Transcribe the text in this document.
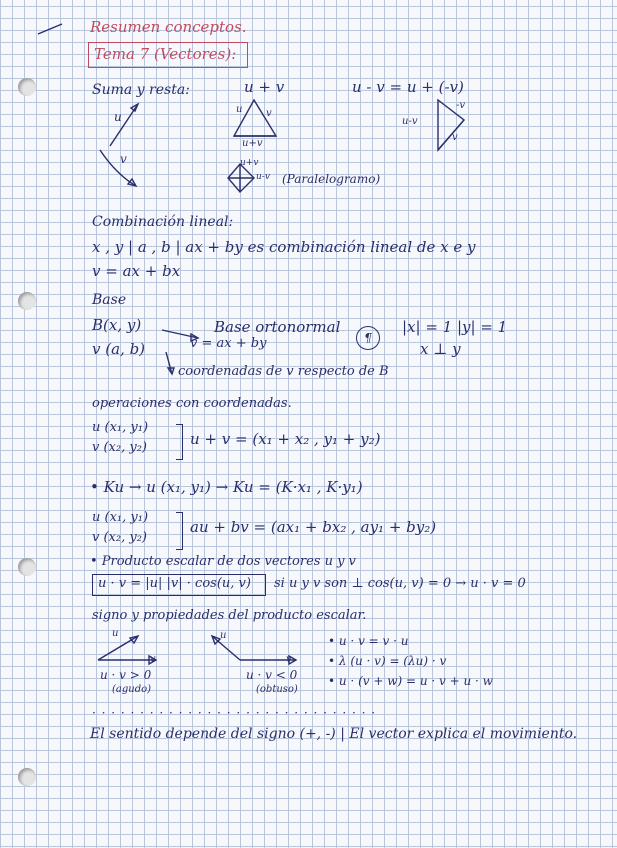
Resumen conceptos.
Tema 7 (Vectores):
Suma y resta:	u + v	u - v = u + (-v)
u
v
u v
u+v
-v
u-v
v
u+v
u-v (Paralelogramo)
Combinación lineal:
x , y | a , b | ax + by es combinación lineal de x e y
v = ax + bx
Base
B(x, y)
v (a, b)
Base ortonormal
v = ax + by	¶
|x| = 1 |y| = 1
x ⊥ y
coordenadas de v respecto de B
operaciones con coordenadas.
u (x₁, y₁)
v (x₂, y₂)	u + v = (x₁ + x₂ , y₁ + y₂)
• Ku → u (x₁, y₁) → Ku = (K·x₁ , K·y₁)
u (x₁, y₁)
v (x₂, y₂)
au + bv = (ax₁ + bx₂ , ay₁ + by₂)
• Producto escalar de dos vectores u y v
u · v = |u| |v| · cos(u, v) si u y v son ⊥ cos(u, v) = 0 → u · v = 0
signo y propiedades del producto escalar.
u
v
u · v > 0
(agudo)
u
v
u · v < 0
(obtuso)
• u · v = v · u
• λ (u · v) = (λu) · v
• u · (v + w) = u · v + u · w
· · · · · · · · · · · · · · · · · · · · · · · · · · · · · ·
El sentido depende del signo (+, -) | El vector explica el movimiento.
